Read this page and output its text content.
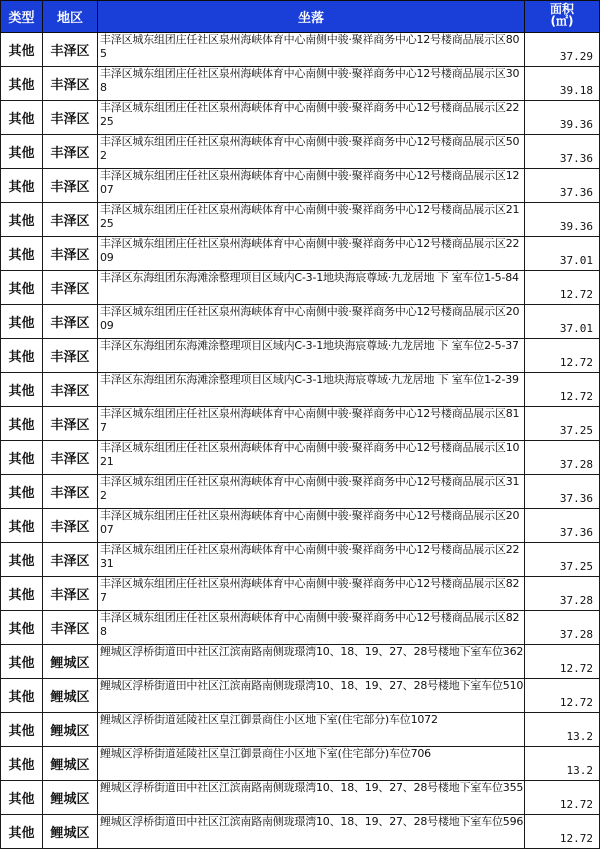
类型	地区	坐落	面积
(㎡)
其他	丰泽区	丰泽区城东组团庄任社区泉州海峡体育中心南侧中骏·聚祥商务中心12号楼商品展示区805	37.29
其他	丰泽区	丰泽区城东组团庄任社区泉州海峡体育中心南侧中骏·聚祥商务中心12号楼商品展示区308	39.18
其他	丰泽区	丰泽区城东组团庄任社区泉州海峡体育中心南侧中骏·聚祥商务中心12号楼商品展示区2225	39.36
其他	丰泽区	丰泽区城东组团庄任社区泉州海峡体育中心南侧中骏·聚祥商务中心12号楼商品展示区502	37.36
其他	丰泽区	丰泽区城东组团庄任社区泉州海峡体育中心南侧中骏·聚祥商务中心12号楼商品展示区1207	37.36
其他	丰泽区	丰泽区城东组团庄任社区泉州海峡体育中心南侧中骏·聚祥商务中心12号楼商品展示区2125	39.36
其他	丰泽区	丰泽区城东组团庄任社区泉州海峡体育中心南侧中骏·聚祥商务中心12号楼商品展示区2209	37.01
其他	丰泽区	丰泽区东海组团东海滩涂整理项目区域内C-3-1地块海宸尊域·九龙居地 下 室车位1-5-84	12.72
其他	丰泽区	丰泽区城东组团庄任社区泉州海峡体育中心南侧中骏·聚祥商务中心12号楼商品展示区2009	37.01
其他	丰泽区	丰泽区东海组团东海滩涂整理项目区域内C-3-1地块海宸尊域·九龙居地 下 室车位2-5-37	12.72
其他	丰泽区	丰泽区东海组团东海滩涂整理项目区域内C-3-1地块海宸尊域·九龙居地 下 室车位1-2-39	12.72
其他	丰泽区	丰泽区城东组团庄任社区泉州海峡体育中心南侧中骏·聚祥商务中心12号楼商品展示区817	37.25
其他	丰泽区	丰泽区城东组团庄任社区泉州海峡体育中心南侧中骏·聚祥商务中心12号楼商品展示区1021	37.28
其他	丰泽区	丰泽区城东组团庄任社区泉州海峡体育中心南侧中骏·聚祥商务中心12号楼商品展示区312	37.36
其他	丰泽区	丰泽区城东组团庄任社区泉州海峡体育中心南侧中骏·聚祥商务中心12号楼商品展示区2007	37.36
其他	丰泽区	丰泽区城东组团庄任社区泉州海峡体育中心南侧中骏·聚祥商务中心12号楼商品展示区2231	37.25
其他	丰泽区	丰泽区城东组团庄任社区泉州海峡体育中心南侧中骏·聚祥商务中心12号楼商品展示区827	37.28
其他	丰泽区	丰泽区城东组团庄任社区泉州海峡体育中心南侧中骏·聚祥商务中心12号楼商品展示区828	37.28
其他	鲤城区	鲤城区浮桥街道田中社区江滨南路南侧珑璟湾10、18、19、27、28号楼地下室车位362	12.72
其他	鲤城区	鲤城区浮桥街道田中社区江滨南路南侧珑璟湾10、18、19、27、28号楼地下室车位510	12.72
其他	鲤城区	鲤城区浮桥街道延陵社区皇江御景商住小区地下室(住宅部分)车位1072	13.2
其他	鲤城区	鲤城区浮桥街道延陵社区皇江御景商住小区地下室(住宅部分)车位706	13.2
其他	鲤城区	鲤城区浮桥街道田中社区江滨南路南侧珑璟湾10、18、19、27、28号楼地下室车位355	12.72
其他	鲤城区	鲤城区浮桥街道田中社区江滨南路南侧珑璟湾10、18、19、27、28号楼地下室车位596	12.72
